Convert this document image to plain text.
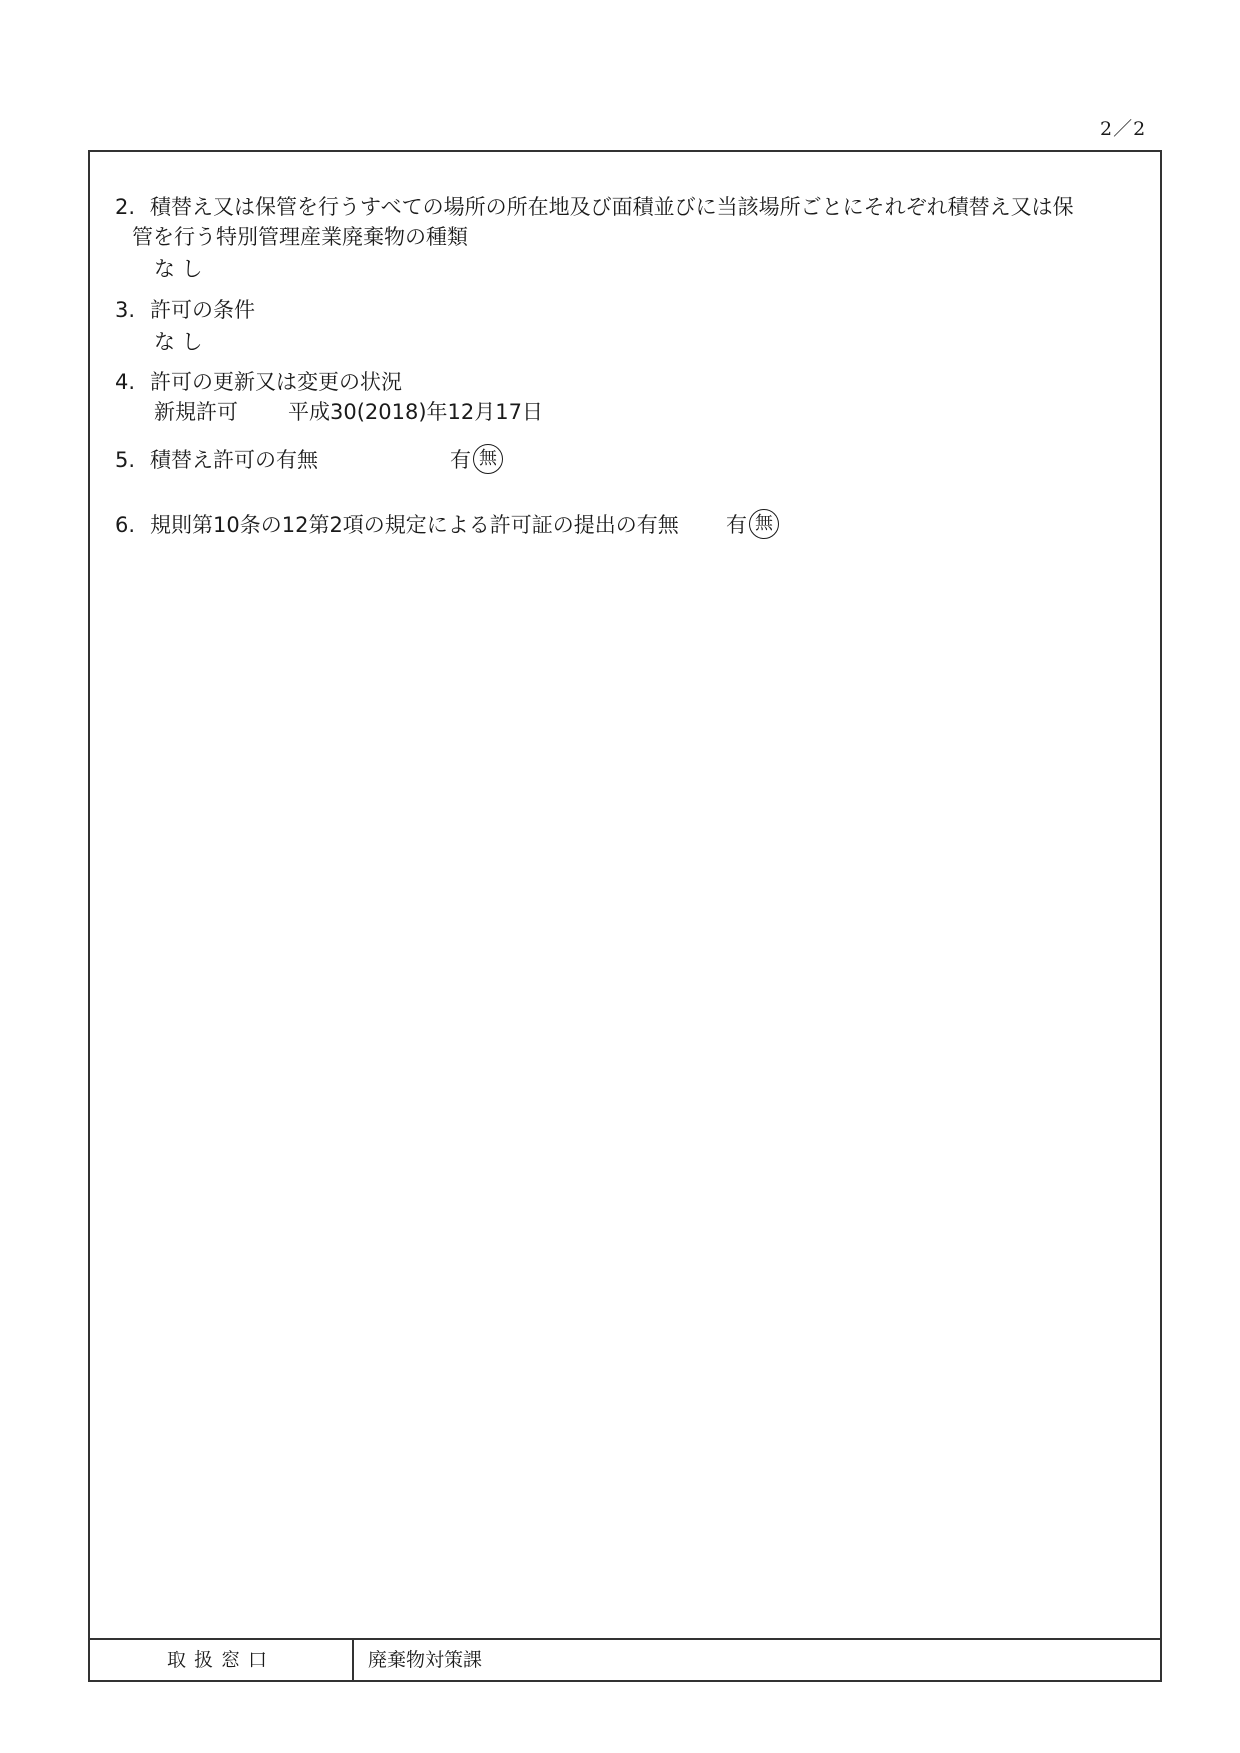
2／2
2. 積替え又は保管を行うすべての場所の所在地及び面積並びに当該場所ごとにそれぞれ積替え又は保
管を行う特別管理産業廃棄物の種類
な し
3. 許可の条件
な し
4. 許可の更新又は変更の状況
新規許可 平成30(2018)年12月17日
5. 積替え許可の有無	有 無
6. 規則第10条の12第2項の規定による許可証の提出の有無 有 無
取扱窓口	廃棄物対策課
